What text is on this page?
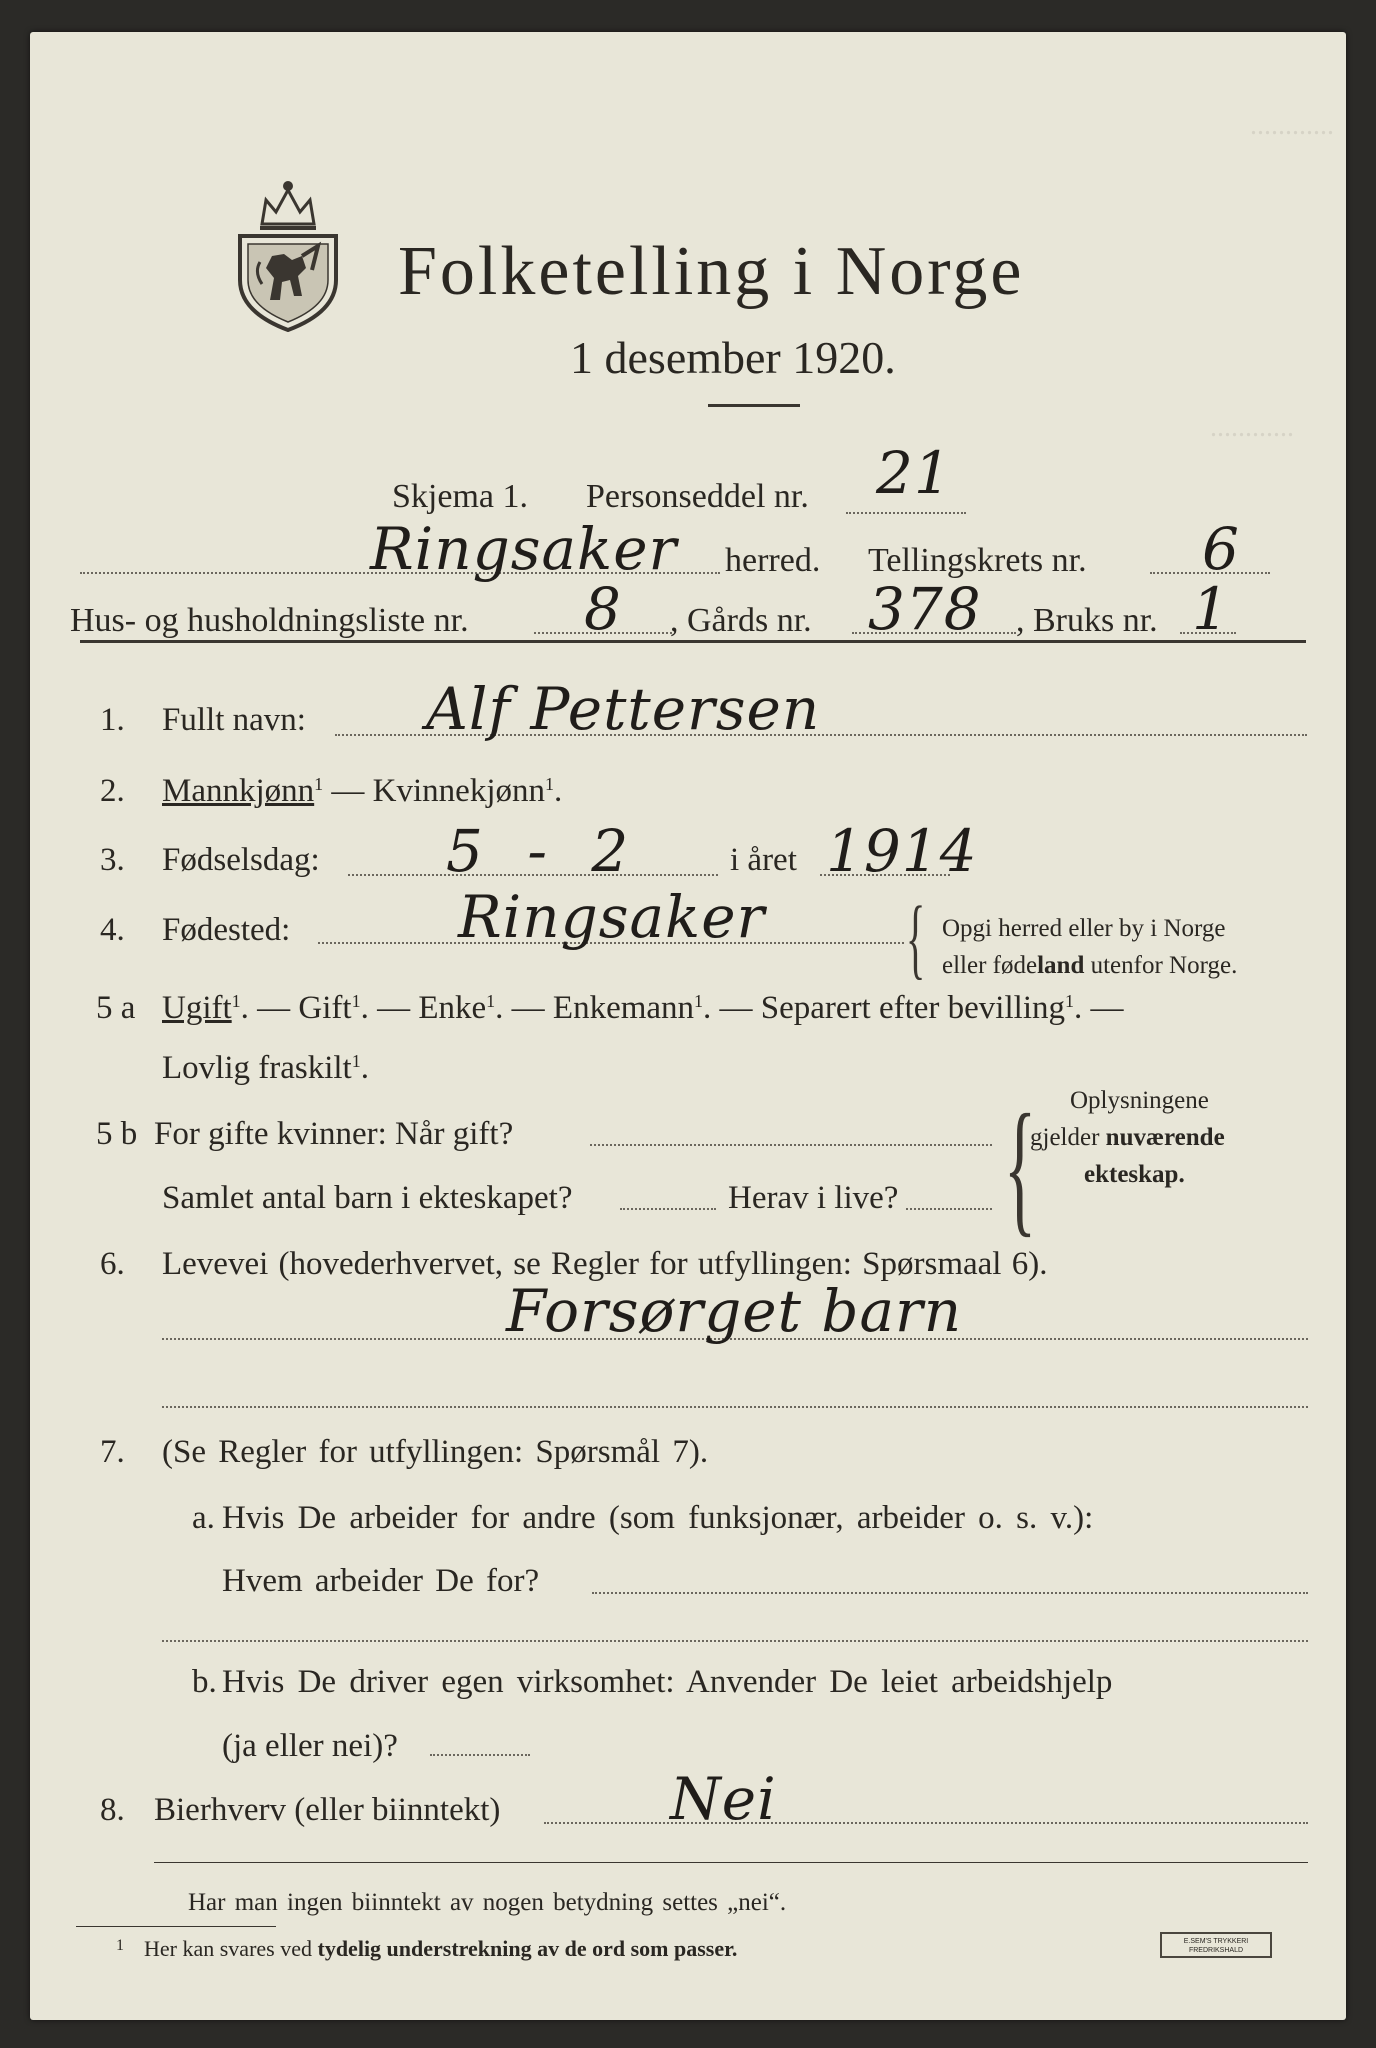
............
............
Folketelling i Norge
1 desember 1920.
Skjema 1. Personseddel nr. 21
Ringsaker herred. Tellingskrets nr. 6
Hus- og husholdningsliste nr. 8 , Gårds nr. 378 , Bruks nr. 1
1. Fullt navn: Alf Pettersen
2. Mannkjønn$^1$ — Kvinnekjønn$^1$.
3. Fødselsdag: 5 - 2	i året 1914
4. Fødested:	Ringsaker { Opgi herred eller by i Norge
eller fødeland utenfor Norge.
5 a Ugift$^1$. — Gift$^1$. — Enke$^1$. — Enkemann$^1$. — Separert efter bevilling$^1$. —
Lovlig fraskilt$^1$.
5 b For gifte kvinner: Når gift?
Samlet antal barn i ekteskapet?	Herav i live? { Oplysningene
gjelder nuværende
ekteskap.
6. Levevei (hovederhvervet, se Regler for utfyllingen: Spørsmaal 6).
Forsørget barn
7. (Se Regler for utfyllingen: Spørsmål 7).
a. Hvis De arbeider for andre (som funksjonær, arbeider o. s. v.):
Hvem arbeider De for?
b. Hvis De driver egen virksomhet: Anvender De leiet arbeidshjelp
(ja eller nei)?
8. Bierhverv (eller biinntekt)	Nei
Har man ingen biinntekt av nogen betydning settes „nei“.
1 Her kan svares ved tydelig understrekning av de ord som passer.	E.SEM'S TRYKKERI FREDRIKSHALD
